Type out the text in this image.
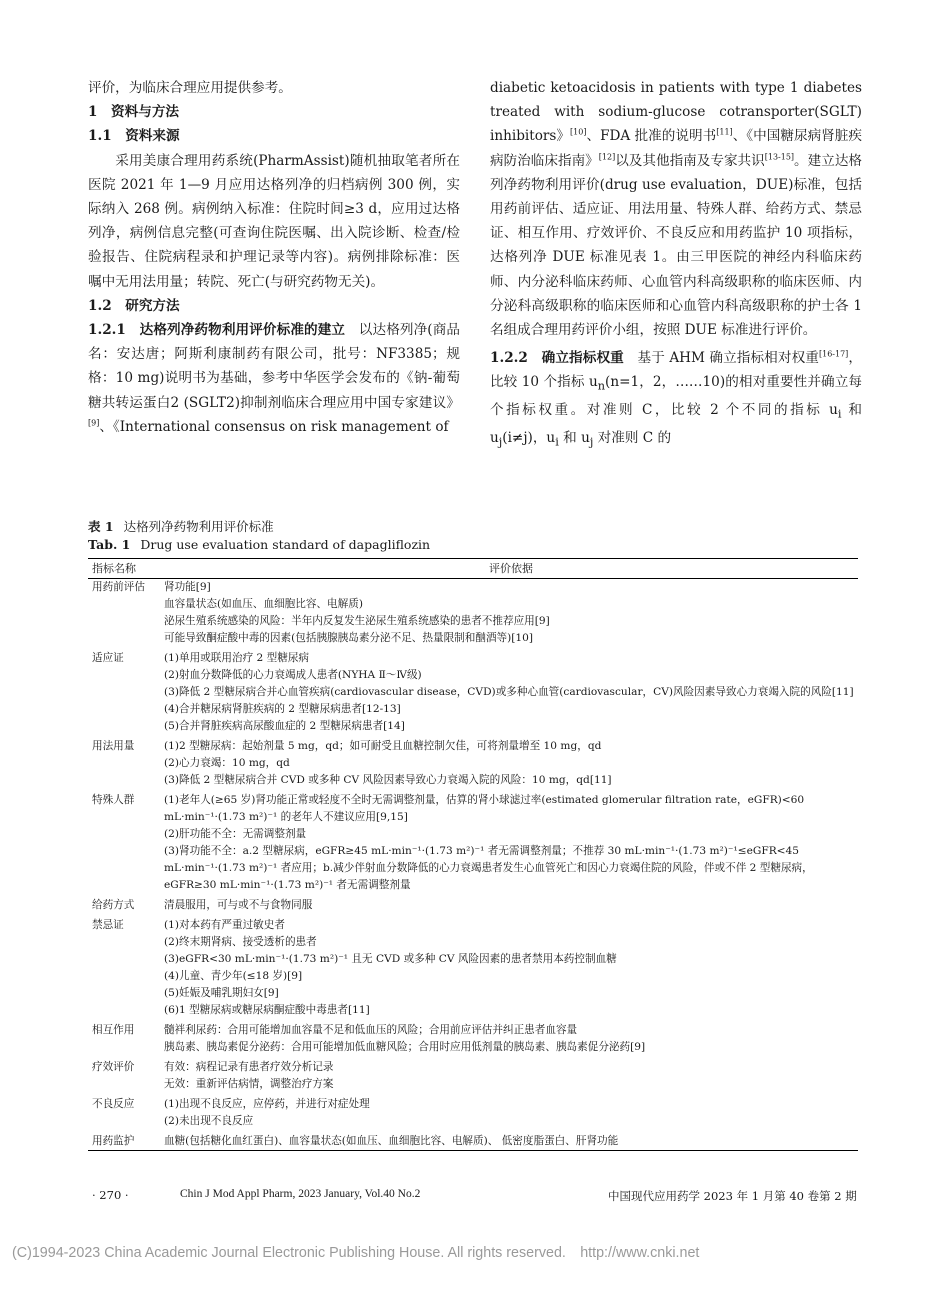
评价，为临床合理应用提供参考。

1　资料与方法

1.1　资料来源

采用美康合理用药系统(PharmAssist)随机抽取笔者所在医院 2021 年 1—9 月应用达格列净的归档病例 300 例，实际纳入 268 例。病例纳入标准：住院时间≥3 d，应用过达格列净，病例信息完整(可查询住院医嘱、出入院诊断、检查/检验报告、住院病程录和护理记录等内容)。病例排除标准：医嘱中无用法用量；转院、死亡(与研究药物无关)。

1.2　研究方法

1.2.1　达格列净药物利用评价标准的建立　以达格列净(商品名：安达唐；阿斯利康制药有限公司，批号：NF3385；规格：10 mg)说明书为基础，参考中华医学会发布的《钠-葡萄糖共转运蛋白2 (SGLT2)抑制剂临床合理应用中国专家建议》[9]、《International consensus on risk management of

diabetic ketoacidosis in patients with type 1 diabetes treated with sodium-glucose cotransporter(SGLT) inhibitors》[10]、FDA 批准的说明书[11]、《中国糖尿病肾脏疾病防治临床指南》[12]以及其他指南及专家共识[13-15]。建立达格列净药物利用评价(drug use evaluation，DUE)标准，包括用药前评估、适应证、用法用量、特殊人群、给药方式、禁忌证、相互作用、疗效评价、不良反应和用药监护 10 项指标，达格列净 DUE 标准见表 1。由三甲医院的神经内科临床药师、内分泌科临床药师、心血管内科高级职称的临床医师、内分泌科高级职称的临床医师和心血管内科高级职称的护士各 1 名组成合理用药评价小组，按照 DUE 标准进行评价。

1.2.2　确立指标权重　基于 AHM 确立指标相对权重[16-17]，比较 10 个指标 $u_n(n=1$，2，……10)的相对重要性并确立每个指标权重。对准则 C，比较 2 个不同的指标 $u_i$ 和 $u_j(i\ne j)$，$u_i$ 和 $u_j$ 对准则 C 的

表 1 达格列净药物利用评价标准
Tab. 1 Drug use evaluation standard of dapagliflozin
指标名称	评价依据
用药前评估	肾功能[9]
	血容量状态(如血压、血细胞比容、电解质)
	泌尿生殖系统感染的风险：半年内反复发生泌尿生殖系统感染的患者不推荐应用[9]
	可能导致酮症酸中毒的因素(包括胰腺胰岛素分泌不足、热量限制和酗酒等)[10]
适应证	(1)单用或联用治疗 2 型糖尿病
	(2)射血分数降低的心力衰竭成人患者(NYHA Ⅱ～Ⅳ级)
	(3)降低 2 型糖尿病合并心血管疾病(cardiovascular disease，CVD)或多种心血管(cardiovascular，CV)风险因素导致心力衰竭入院的风险[11]
	(4)合并糖尿病肾脏疾病的 2 型糖尿病患者[12-13]
	(5)合并肾脏疾病高尿酸血症的 2 型糖尿病患者[14]
用法用量	(1)2 型糖尿病：起始剂量 5 mg，qd；如可耐受且血糖控制欠佳，可将剂量增至 10 mg，qd
	(2)心力衰竭：10 mg，qd
	(3)降低 2 型糖尿病合并 CVD 或多种 CV 风险因素导致心力衰竭入院的风险：10 mg，qd[11]
特殊人群	(1)老年人(≥65 岁)肾功能正常或轻度不全时无需调整剂量，估算的肾小球滤过率(estimated glomerular filtration rate，eGFR)<60 mL·min⁻¹·(1.73 m²)⁻¹ 的老年人不建议应用[9,15]
	(2)肝功能不全：无需调整剂量
	(3)肾功能不全：a.2 型糖尿病，eGFR≥45 mL·min⁻¹·(1.73 m²)⁻¹ 者无需调整剂量；不推荐 30 mL·min⁻¹·(1.73 m²)⁻¹≤eGFR<45 mL·min⁻¹·(1.73 m²)⁻¹ 者应用；b.减少伴射血分数降低的心力衰竭患者发生心血管死亡和因心力衰竭住院的风险，伴或不伴 2 型糖尿病，eGFR≥30 mL·min⁻¹·(1.73 m²)⁻¹ 者无需调整剂量
给药方式	清晨服用，可与或不与食物同服
禁忌证	(1)对本药有严重过敏史者
	(2)终末期肾病、接受透析的患者
	(3)eGFR<30 mL·min⁻¹·(1.73 m²)⁻¹ 且无 CVD 或多种 CV 风险因素的患者禁用本药控制血糖
	(4)儿童、青少年(≤18 岁)[9]
	(5)妊娠及哺乳期妇女[9]
	(6)1 型糖尿病或糖尿病酮症酸中毒患者[11]
相互作用	髓袢利尿药：合用可能增加血容量不足和低血压的风险；合用前应评估并纠正患者血容量
	胰岛素、胰岛素促分泌药：合用可能增加低血糖风险；合用时应用低剂量的胰岛素、胰岛素促分泌药[9]
疗效评价	有效：病程记录有患者疗效分析记录
	无效：重新评估病情，调整治疗方案
不良反应	(1)出现不良反应，应停药，并进行对症处理
	(2)未出现不良反应
用药监护	血糖(包括糖化血红蛋白)、血容量状态(如血压、血细胞比容、电解质)、 低密度脂蛋白、肝肾功能
· 270 ·	Chin J Mod Appl Pharm, 2023 January, Vol.40 No.2	中国现代应用药学 2023 年 1 月第 40 卷第 2 期
(C)1994-2023 China Academic Journal Electronic Publishing House. All rights reserved.　http://www.cnki.net
